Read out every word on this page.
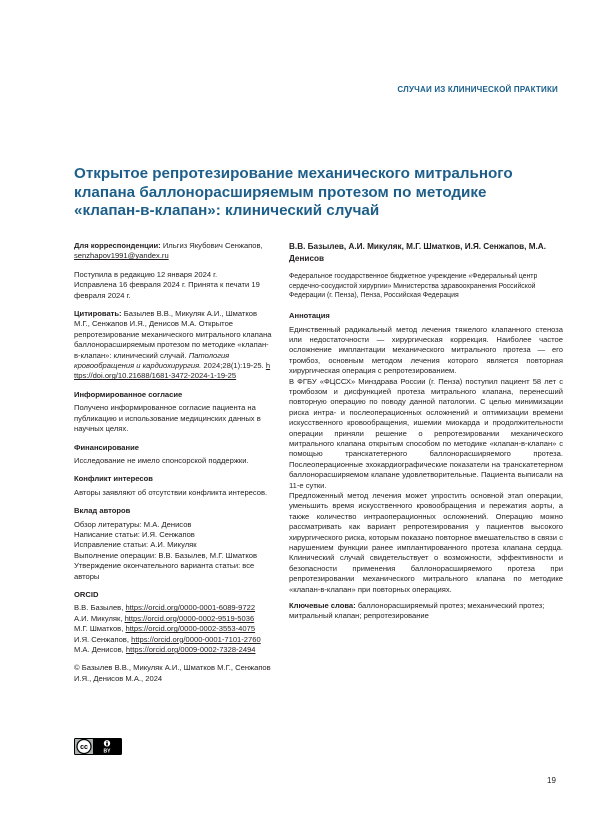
СЛУЧАИ ИЗ КЛИНИЧЕСКОЙ ПРАКТИКИ
Открытое репротезирование механического митрального клапана баллонорасширяемым протезом по методике «клапан-в-клапан»: клинический случай

Для корреспонденции: Ильгиз Якубович Сенжапов, senzhapov1991@yandex.ru

Поступила в редакцию 12 января 2024 г.
Исправлена 16 февраля 2024 г. Принята к печати 19 февраля 2024 г.

Цитировать: Базылев В.В., Микуляк А.И., Шматков М.Г., Сенжапов И.Я., Денисов М.А. Открытое репротезирование механического митрального клапана баллонорасширяемым протезом по методике «клапан-в-клапан»: клинический случай. Патология кровообращения и кардиохирургия. 2024;28(1):19-25. https://doi.org/10.21688/1681-3472-2024-1-19-25

Информированное согласие

Получено информированное согласие пациента на публикацию и использование медицинских данных в научных целях.

Финансирование

Исследование не имело спонсорской поддержки.

Конфликт интересов

Авторы заявляют об отсутствии конфликта интересов.

Вклад авторов

Обзор литературы: М.А. Денисов
Написание статьи: И.Я. Сенжапов
Исправление статьи: А.И. Микуляк
Выполнение операции: В.В. Базылев, М.Г. Шматков
Утверждение окончательного варианта статьи: все авторы

ORCID

В.В. Базылев, https://orcid.org/0000-0001-6089-9722
А.И. Микуляк, https://orcid.org/0000-0002-9519-5036
М.Г. Шматков, https://orcid.org/0000-0002-3553-4075
И.Я. Сенжапов, https://orcid.org/0000-0001-7101-2760
М.А. Денисов, https://orcid.org/0009-0002-7328-2494

© Базылев В.В., Микуляк А.И., Шматков М.Г., Сенжапов И.Я., Денисов М.А., 2024

cc
BY

В.В. Базылев, А.И. Микуляк, М.Г. Шматков, И.Я. Сенжапов, М.А. Денисов

Федеральное государственное бюджетное учреждение «Федеральный центр сердечно-сосудистой хирургии» Министерства здравоохранения Российской Федерации (г. Пенза), Пенза, Российская Федерация

Аннотация

Единственный радикальный метод лечения тяжелого клапанного стеноза или недостаточности — хирургическая коррекция. Наиболее частое осложнение имплантации механического митрального протеза — его тромбоз, основным методом лечения которого является повторная хирургическая операция с репротезированием.

В ФГБУ «ФЦССХ» Минздрава России (г. Пенза) поступил пациент 58 лет с тромбозом и дисфункцией протеза митрального клапана, перенесший повторную операцию по поводу данной патологии. С целью минимизации риска интра- и послеоперационных осложнений и оптимизации времени искусственного кровообращения, ишемии миокарда и продолжительности операции приняли решение о репротезировании механического митрального клапана открытым способом по методике «клапан-в-клапан» с помощью транскатетерного баллонорасширяемого протеза. Послеоперационные эхокардиографические показатели на транскатетерном баллонорасширяемом клапане удовлетворительные. Пациента выписали на 11-е сутки.

Предложенный метод лечения может упростить основной этап операции, уменьшить время искусственного кровообращения и пережатия аорты, а также количество интраоперационных осложнений. Операцию можно рассматривать как вариант репротезирования у пациентов высокого хирургического риска, которым показано повторное вмешательство в связи с нарушением функции ранее имплантированного протеза клапана сердца. Клинический случай свидетельствует о возможности, эффективности и безопасности применения баллонорасширяемого протеза при репротезировании механического митрального клапана по методике «клапан-в-клапан» при повторных операциях.

Ключевые слова: баллонорасширяемый протез; механический протез; митральный клапан; репротезирование

19
